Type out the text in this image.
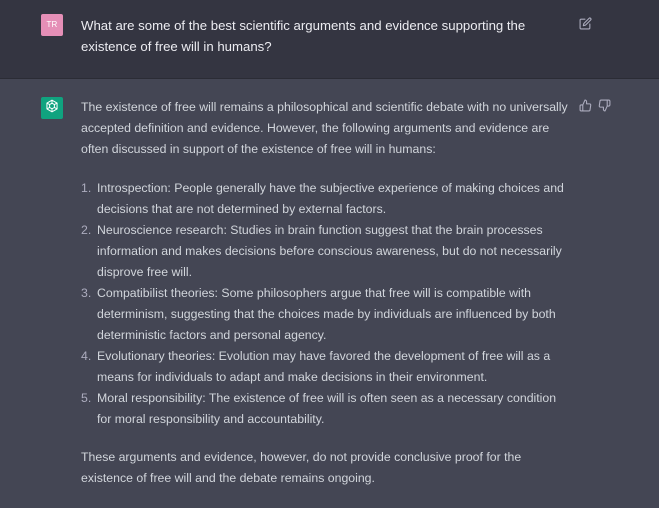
TR	What are some of the best scientific arguments and evidence supporting the existence of free will in humans?

The existence of free will remains a philosophical and scientific debate with no universally accepted definition and evidence. However, the following arguments and evidence are often discussed in support of the existence of free will in humans:

1. Introspection: People generally have the subjective experience of making choices and decisions that are not determined by external factors.
2. Neuroscience research: Studies in brain function suggest that the brain processes information and makes decisions before conscious awareness, but do not necessarily disprove free will.
3. Compatibilist theories: Some philosophers argue that free will is compatible with determinism, suggesting that the choices made by individuals are influenced by both deterministic factors and personal agency.
4. Evolutionary theories: Evolution may have favored the development of free will as a means for individuals to adapt and make decisions in their environment.
5. Moral responsibility: The existence of free will is often seen as a necessary condition for moral responsibility and accountability.

These arguments and evidence, however, do not provide conclusive proof for the existence of free will and the debate remains ongoing.
